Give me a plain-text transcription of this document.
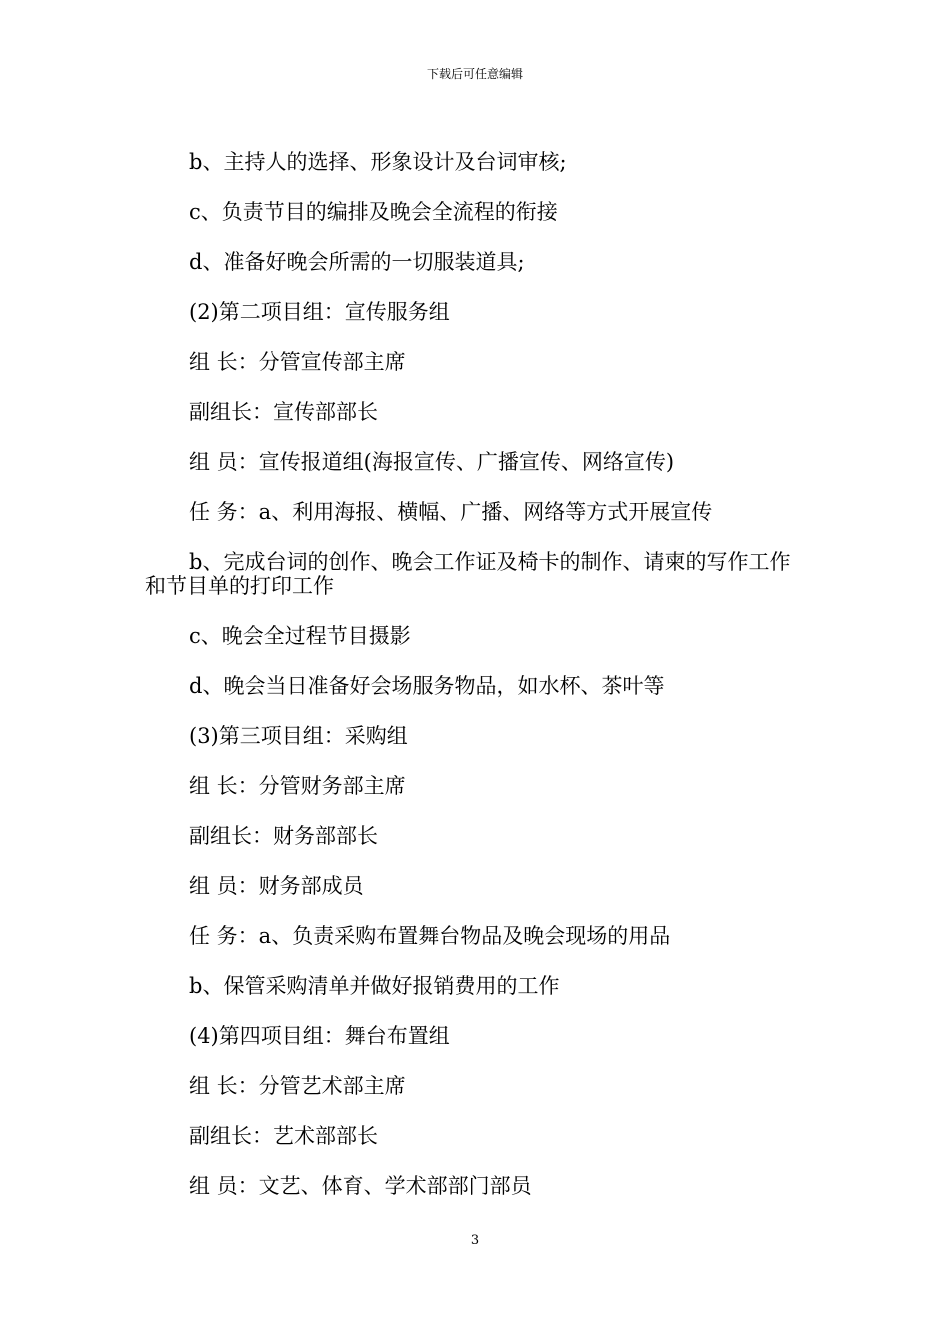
下载后可任意编辑

b、主持人的选择、形象设计及台词审核;

c、负责节目的编排及晚会全流程的衔接

d、准备好晚会所需的一切服装道具;

(2)第二项目组：宣传服务组

组 长：分管宣传部主席

副组长：宣传部部长

组 员：宣传报道组(海报宣传、广播宣传、网络宣传)

任 务：a、利用海报、横幅、广播、网络等方式开展宣传

b、完成台词的创作、晚会工作证及椅卡的制作、请柬的写作工作和节目单的打印工作

c、晚会全过程节目摄影

d、晚会当日准备好会场服务物品，如水杯、茶叶等

(3)第三项目组：采购组

组 长：分管财务部主席

副组长：财务部部长

组 员：财务部成员

任 务：a、负责采购布置舞台物品及晚会现场的用品

b、保管采购清单并做好报销费用的工作

(4)第四项目组：舞台布置组

组 长：分管艺术部主席

副组长：艺术部部长

组 员：文艺、体育、学术部部门部员

3
